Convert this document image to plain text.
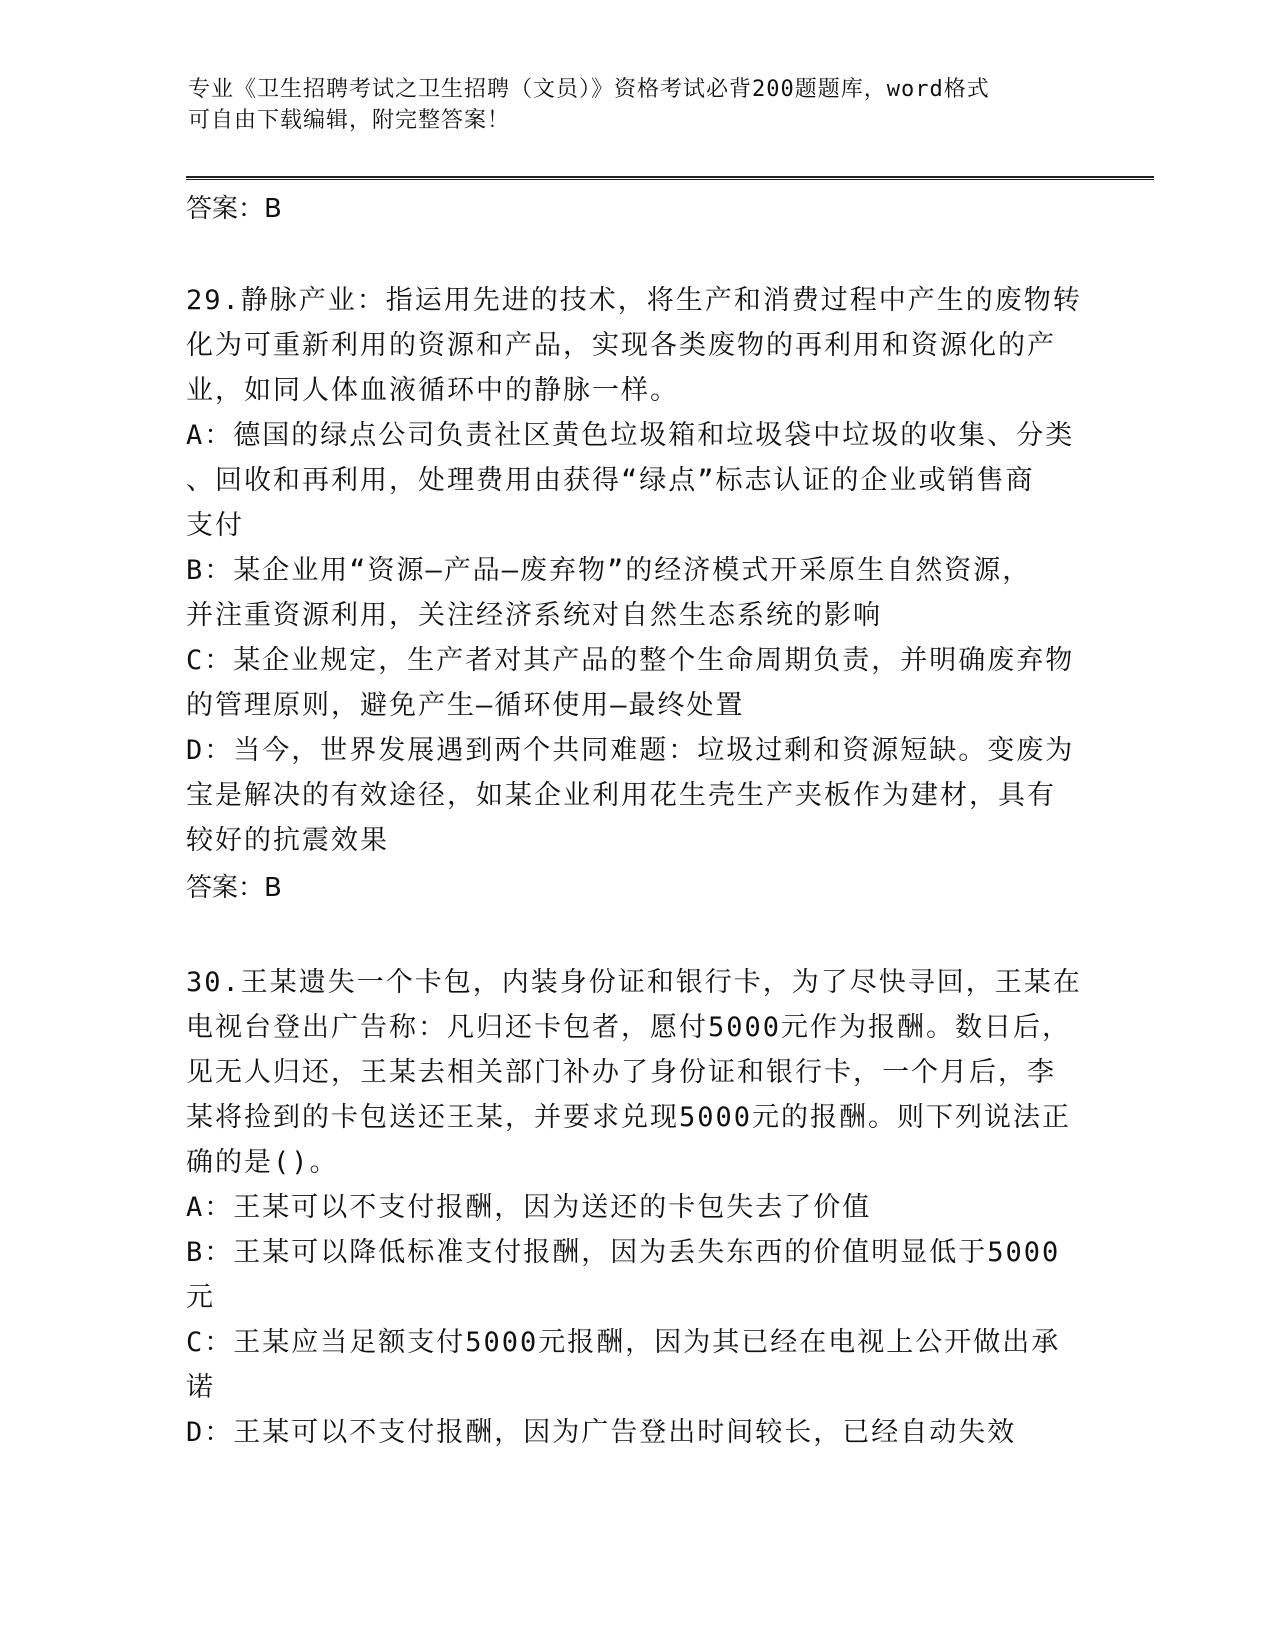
专业《卫生招聘考试之卫生招聘（文员）》资格考试必背200题题库，word格式
可自由下载编辑，附完整答案！
答案：B
29.静脉产业：指运用先进的技术，将生产和消费过程中产生的废物转
化为可重新利用的资源和产品，实现各类废物的再利用和资源化的产
业，如同人体血液循环中的静脉一样。
A：德国的绿点公司负责社区黄色垃圾箱和垃圾袋中垃圾的收集、分类
、回收和再利用，处理费用由获得“绿点”标志认证的企业或销售商
支付
B：某企业用“资源—产品—废弃物”的经济模式开采原生自然资源，
并注重资源利用，关注经济系统对自然生态系统的影响
C：某企业规定，生产者对其产品的整个生命周期负责，并明确废弃物
的管理原则，避免产生—循环使用—最终处置
D：当今，世界发展遇到两个共同难题：垃圾过剩和资源短缺。变废为
宝是解决的有效途径，如某企业利用花生壳生产夹板作为建材，具有
较好的抗震效果
答案：B
30.王某遗失一个卡包，内装身份证和银行卡，为了尽快寻回，王某在
电视台登出广告称：凡归还卡包者，愿付5000元作为报酬。数日后，
见无人归还，王某去相关部门补办了身份证和银行卡，一个月后，李
某将捡到的卡包送还王某，并要求兑现5000元的报酬。则下列说法正
确的是()。
A：王某可以不支付报酬，因为送还的卡包失去了价值
B：王某可以降低标准支付报酬，因为丢失东西的价值明显低于5000
元
C：王某应当足额支付5000元报酬，因为其已经在电视上公开做出承
诺
D：王某可以不支付报酬，因为广告登出时间较长，已经自动失效
